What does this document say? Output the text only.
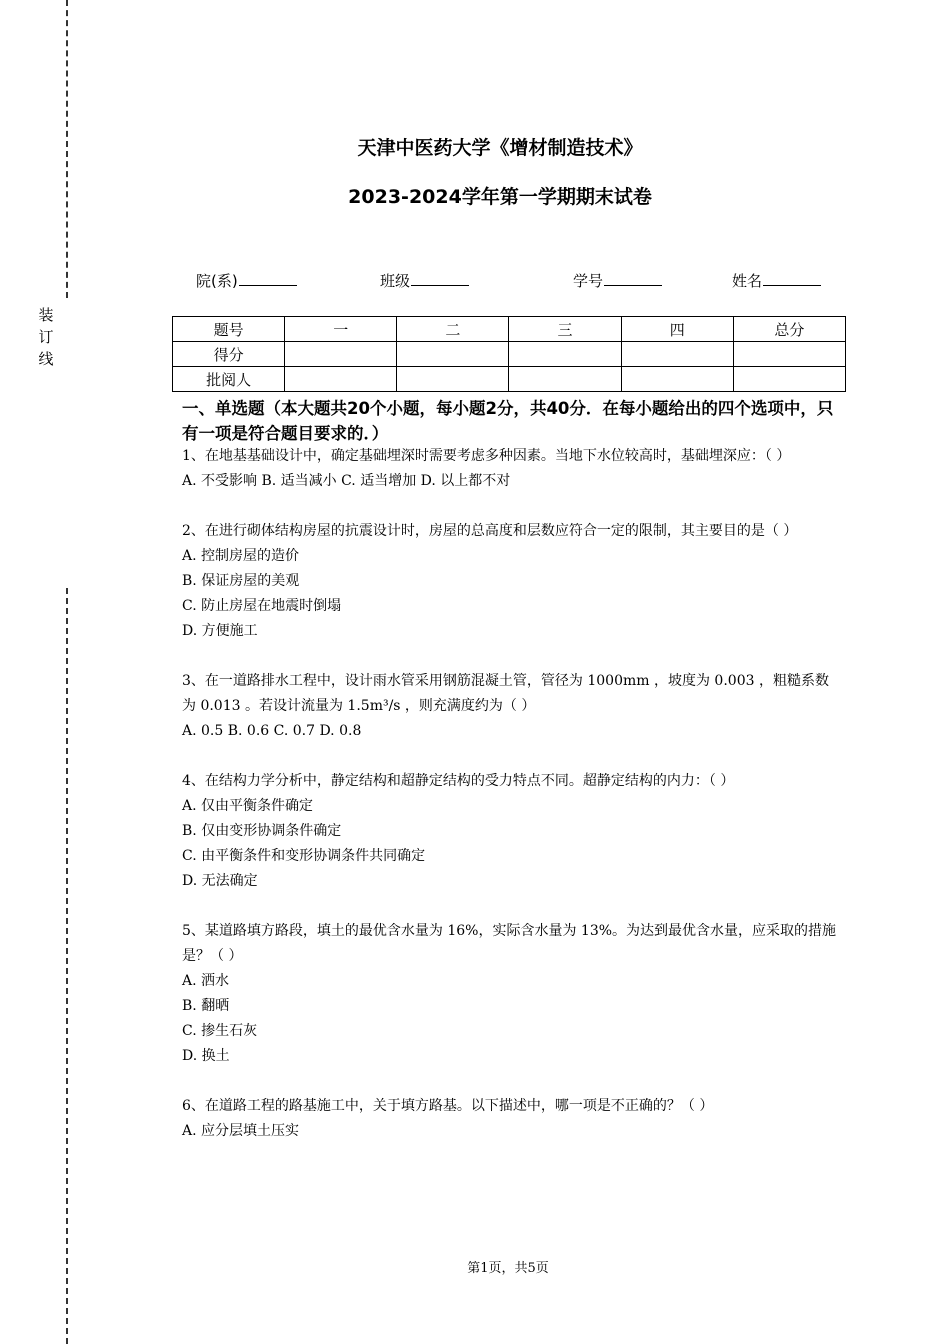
装
订
线
天津中医药大学《增材制造技术》
2023-2024学年第一学期期末试卷
院(系)	班级	学号	姓名
题号	一	二	三	四	总分
得分					
批阅人					
一、单选题（本大题共20个小题，每小题2分，共40分．在每小题给出的四个选项中，只有一项是符合题目要求的．）
1、在地基基础设计中，确定基础埋深时需要考虑多种因素。当地下水位较高时，基础埋深应：（ ）
A. 不受影响 B. 适当减小 C. 适当增加 D. 以上都不对
2、在进行砌体结构房屋的抗震设计时，房屋的总高度和层数应符合一定的限制，其主要目的是（ ）
A. 控制房屋的造价
B. 保证房屋的美观
C. 防止房屋在地震时倒塌
D. 方便施工
3、在一道路排水工程中，设计雨水管采用钢筋混凝土管，管径为 1000mm ，坡度为 0.003 ，粗糙系数为 0.013 。若设计流量为 1.5m³/s ，则充满度约为（ ）
A. 0.5 B. 0.6 C. 0.7 D. 0.8
4、在结构力学分析中，静定结构和超静定结构的受力特点不同。超静定结构的内力：（ ）
A. 仅由平衡条件确定
B. 仅由变形协调条件确定
C. 由平衡条件和变形协调条件共同确定
D. 无法确定
5、某道路填方路段，填土的最优含水量为 16%，实际含水量为 13%。为达到最优含水量，应采取的措施是？（ ）
A. 洒水
B. 翻晒
C. 掺生石灰
D. 换土
6、在道路工程的路基施工中，关于填方路基。以下描述中，哪一项是不正确的？（ ）
A. 应分层填土压实
第1页，共5页
